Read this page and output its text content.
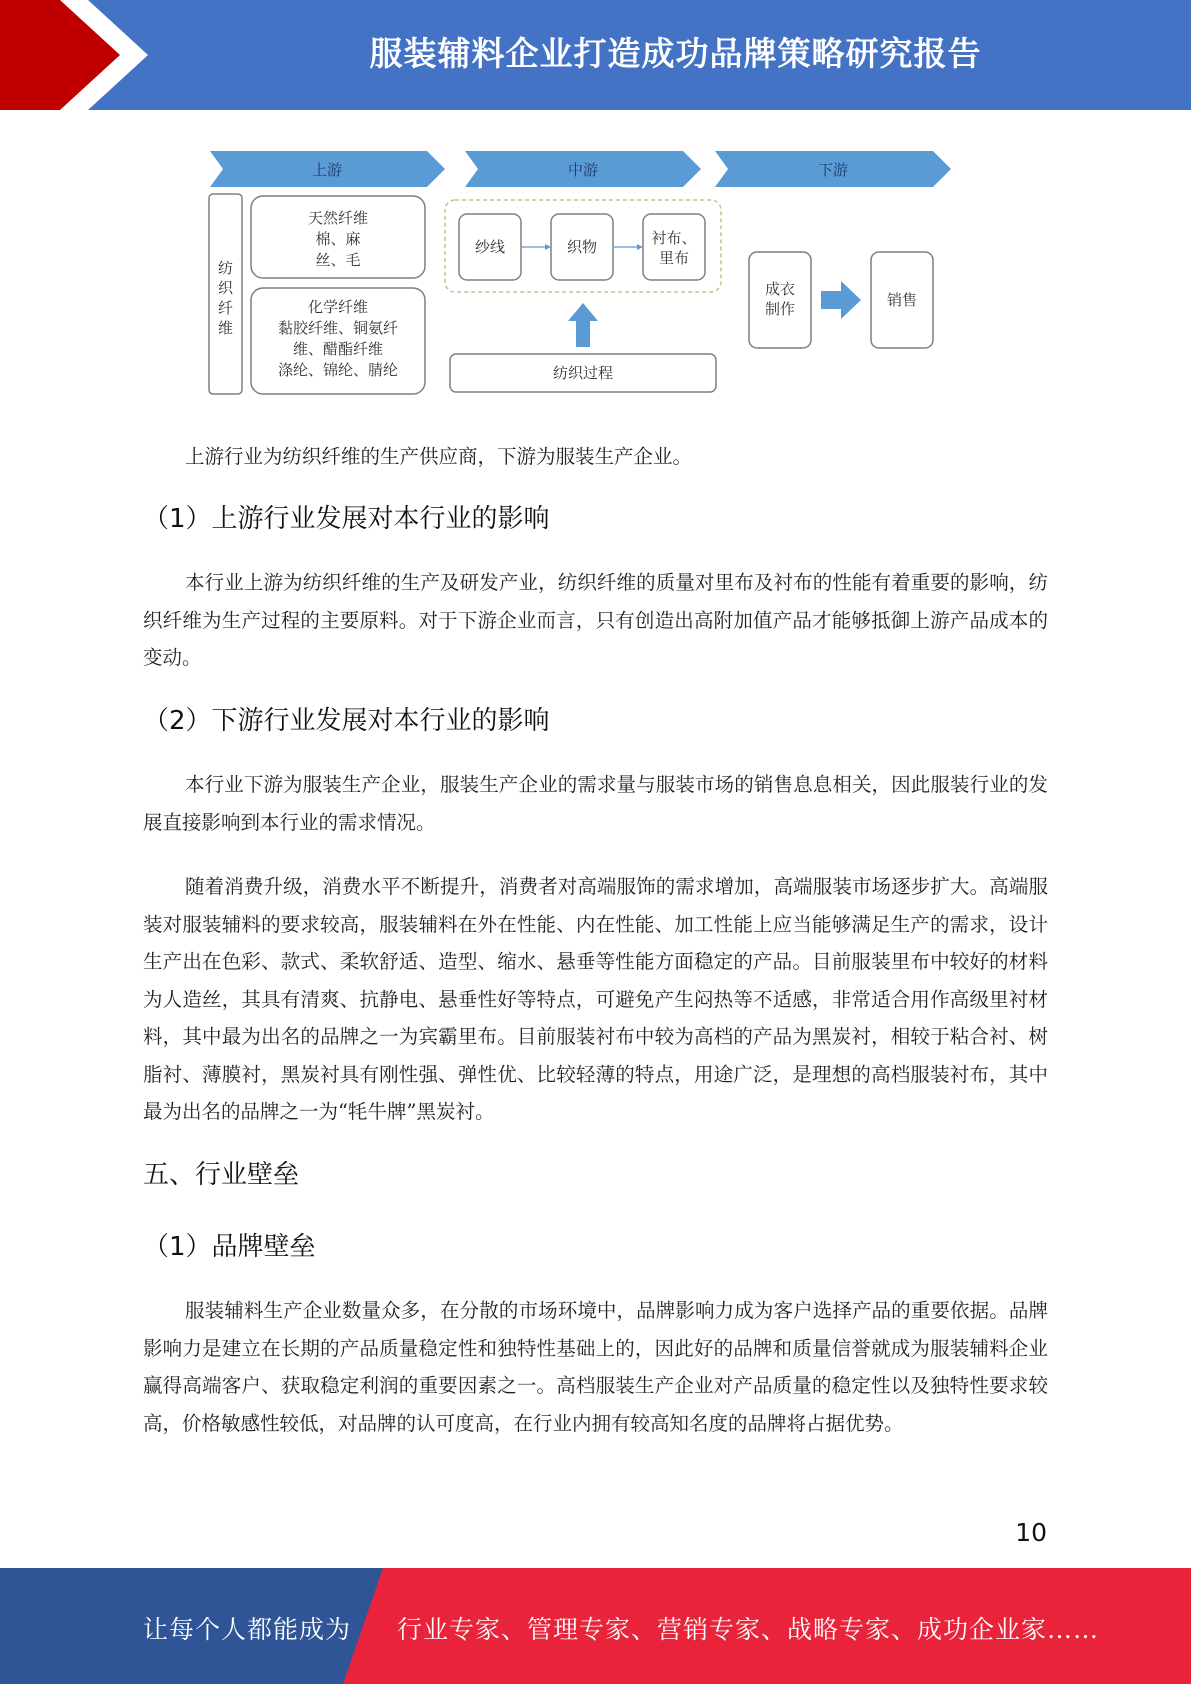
服装辅料企业打造成功品牌策略研究报告
上游	中游	下游
纺
织
纤
维
天然纤维
棉、麻
丝、毛
化学纤维
黏胶纤维、铜氨纤
维、醋酯纤维
涤纶、锦纶、腈纶
纱线	织物	衬布、
里布
纺织过程
成衣
制作	销售

上游行业为纺织纤维的生产供应商，下游为服装生产企业。

（1）上游行业发展对本行业的影响

本行业上游为纺织纤维的生产及研发产业，纺织纤维的质量对里布及衬布的性能有着重要的影响，纺织纤维为生产过程的主要原料。对于下游企业而言，只有创造出高附加值产品才能够抵御上游产品成本的变动。

（2）下游行业发展对本行业的影响

本行业下游为服装生产企业，服装生产企业的需求量与服装市场的销售息息相关，因此服装行业的发展直接影响到本行业的需求情况。

随着消费升级，消费水平不断提升，消费者对高端服饰的需求增加，高端服装市场逐步扩大。高端服装对服装辅料的要求较高，服装辅料在外在性能、内在性能、加工性能上应当能够满足生产的需求，设计生产出在色彩、款式、柔软舒适、造型、缩水、悬垂等性能方面稳定的产品。目前服装里布中较好的材料为人造丝，其具有清爽、抗静电、悬垂性好等特点，可避免产生闷热等不适感，非常适合用作高级里衬材料，其中最为出名的品牌之一为宾霸里布。目前服装衬布中较为高档的产品为黑炭衬，相较于粘合衬、树脂衬、薄膜衬，黑炭衬具有刚性强、弹性优、比较轻薄的特点，用途广泛，是理想的高档服装衬布，其中最为出名的品牌之一为“牦牛牌”黑炭衬。

五、行业壁垒
（1）品牌壁垒

服装辅料生产企业数量众多，在分散的市场环境中，品牌影响力成为客户选择产品的重要依据。品牌影响力是建立在长期的产品质量稳定性和独特性基础上的，因此好的品牌和质量信誉就成为服装辅料企业赢得高端客户、获取稳定利润的重要因素之一。高档服装生产企业对产品质量的稳定性以及独特性要求较高，价格敏感性较低，对品牌的认可度高，在行业内拥有较高知名度的品牌将占据优势。

10
让每个人都能成为 行业专家、管理专家、营销专家、战略专家、成功企业家……
